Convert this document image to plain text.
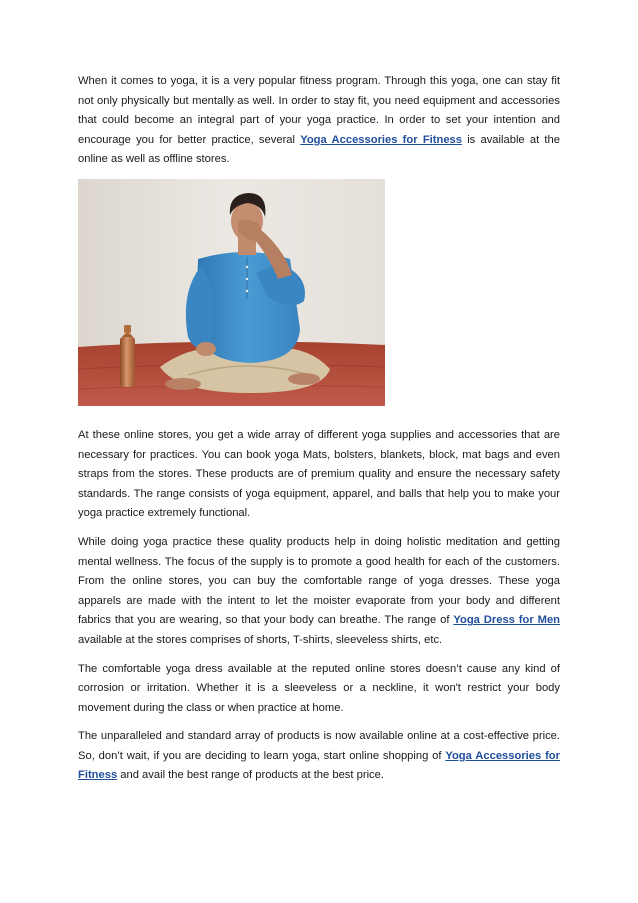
When it comes to yoga, it is a very popular fitness program. Through this yoga, one can stay fit not only physically but mentally as well. In order to stay fit, you need equipment and accessories that could become an integral part of your yoga practice. In order to set your intention and encourage you for better practice, several Yoga Accessories for Fitness is available at the online as well as offline stores.

At these online stores, you get a wide array of different yoga supplies and accessories that are necessary for practices. You can book yoga Mats, bolsters, blankets, block, mat bags and even straps from the stores. These products are of premium quality and ensure the necessary safety standards. The range consists of yoga equipment, apparel, and balls that help you to make your yoga practice extremely functional.

While doing yoga practice these quality products help in doing holistic meditation and getting mental wellness. The focus of the supply is to promote a good health for each of the customers. From the online stores, you can buy the comfortable range of yoga dresses. These yoga apparels are made with the intent to let the moister evaporate from your body and different fabrics that you are wearing, so that your body can breathe. The range of Yoga Dress for Men available at the stores comprises of shorts, T-shirts, sleeveless shirts, etc.

The comfortable yoga dress available at the reputed online stores doesn’t cause any kind of corrosion or irritation. Whether it is a sleeveless or a neckline, it won't restrict your body movement during the class or when practice at home.

The unparalleled and standard array of products is now available online at a cost-effective price. So, don’t wait, if you are deciding to learn yoga, start online shopping of Yoga Accessories for Fitness and avail the best range of products at the best price.
